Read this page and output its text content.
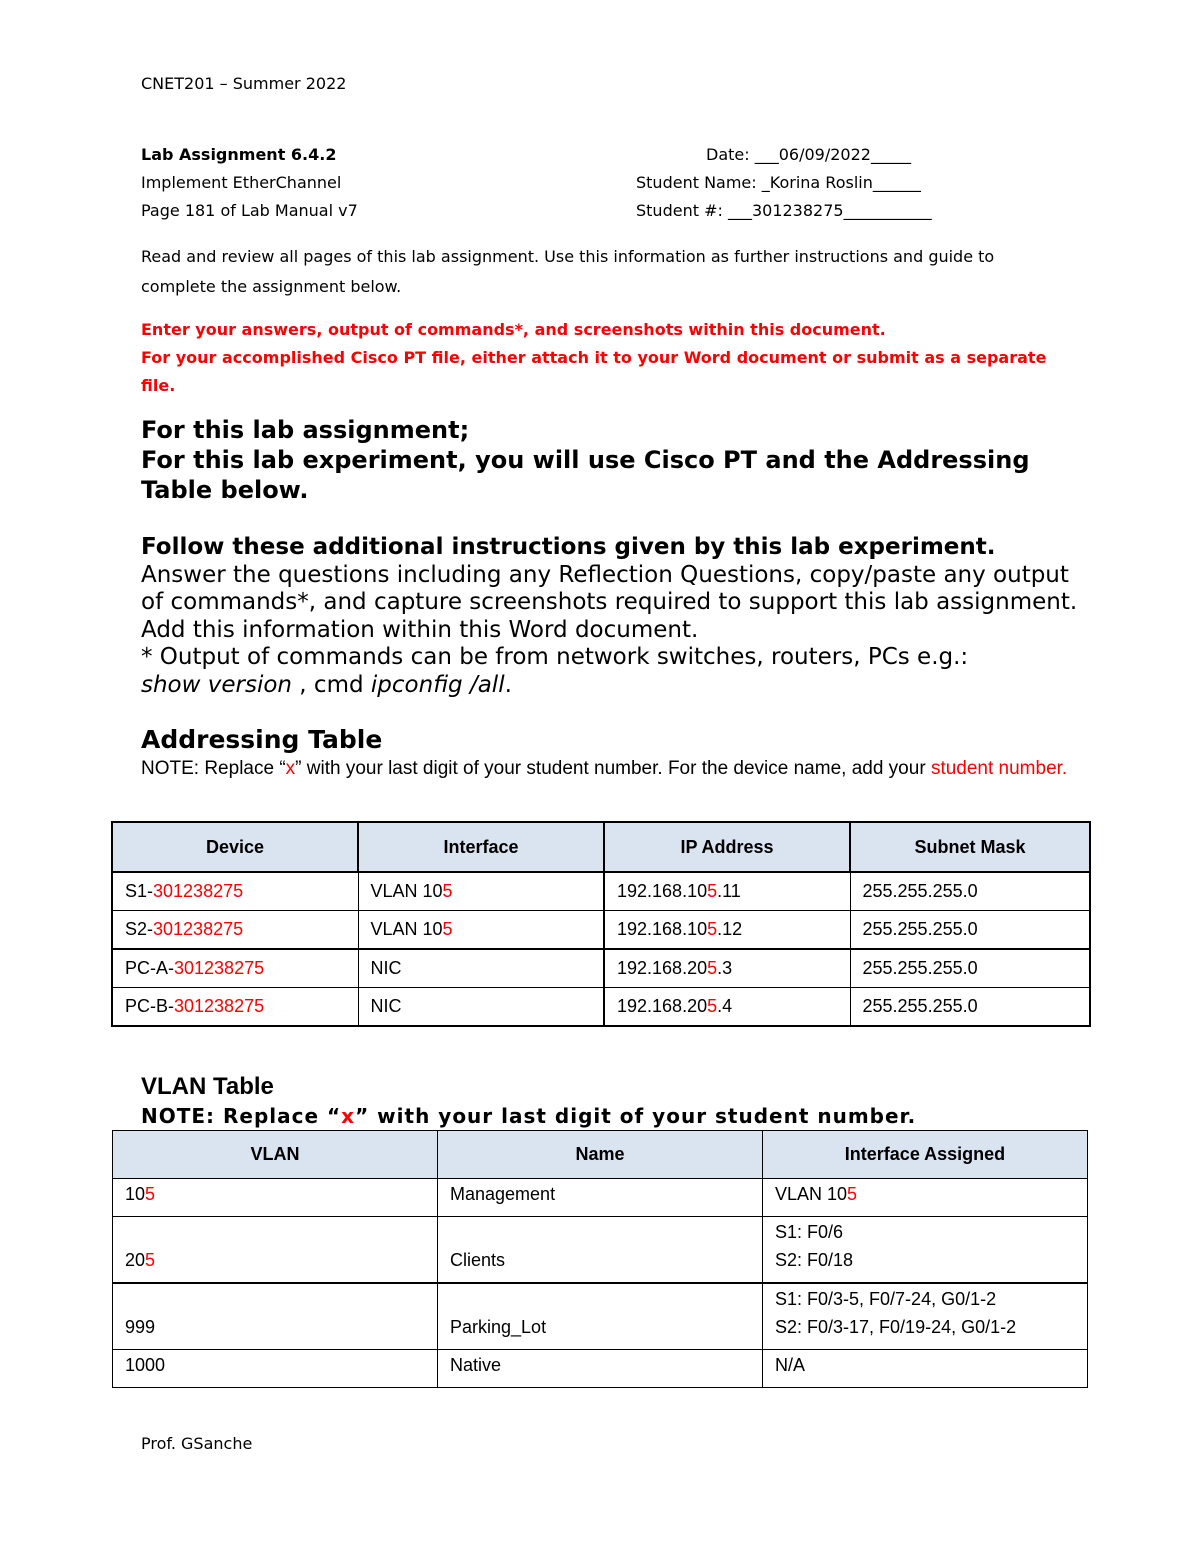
CNET201 – Summer 2022
Lab Assignment 6.4.2
Implement EtherChannel
Page 181 of Lab Manual v7
Date: ___06/09/2022_____
Student Name: _Korina Roslin______
Student #: ___301238275___________
Read and review all pages of this lab assignment. Use this information as further instructions and guide to complete the assignment below.
Enter your answers, output of commands*, and screenshots within this document.
For your accomplished Cisco PT file, either attach it to your Word document or submit as a separate file.
For this lab assignment;
For this lab experiment, you will use Cisco PT and the Addressing Table below.
Follow these additional instructions given by this lab experiment.
Answer the questions including any Reflection Questions, copy/paste any output of commands*, and capture screenshots required to support this lab assignment. Add this information within this Word document.
* Output of commands can be from network switches, routers, PCs e.g.:
show version , cmd ipconfig /all.
Addressing Table
NOTE: Replace “x” with your last digit of your student number. For the device name, add your student number.
Device	Interface	IP Address	Subnet Mask
S1-301238275	VLAN 105	192.168.105.11	255.255.255.0
S2-301238275	VLAN 105	192.168.105.12	255.255.255.0
PC-A-301238275	NIC	192.168.205.3	255.255.255.0
PC-B-301238275	NIC	192.168.205.4	255.255.255.0
VLAN Table
NOTE: Replace “x” with your last digit of your student number.
VLAN	Name	Interface Assigned
105	Management	VLAN 105
205	Clients	S1: F0/6
S2: F0/18

999	Parking_Lot	S1: F0/3-5, F0/7-24, G0/1-2
S2: F0/3-17, F0/19-24, G0/1-2

1000	Native	N/A
Prof. GSanche
